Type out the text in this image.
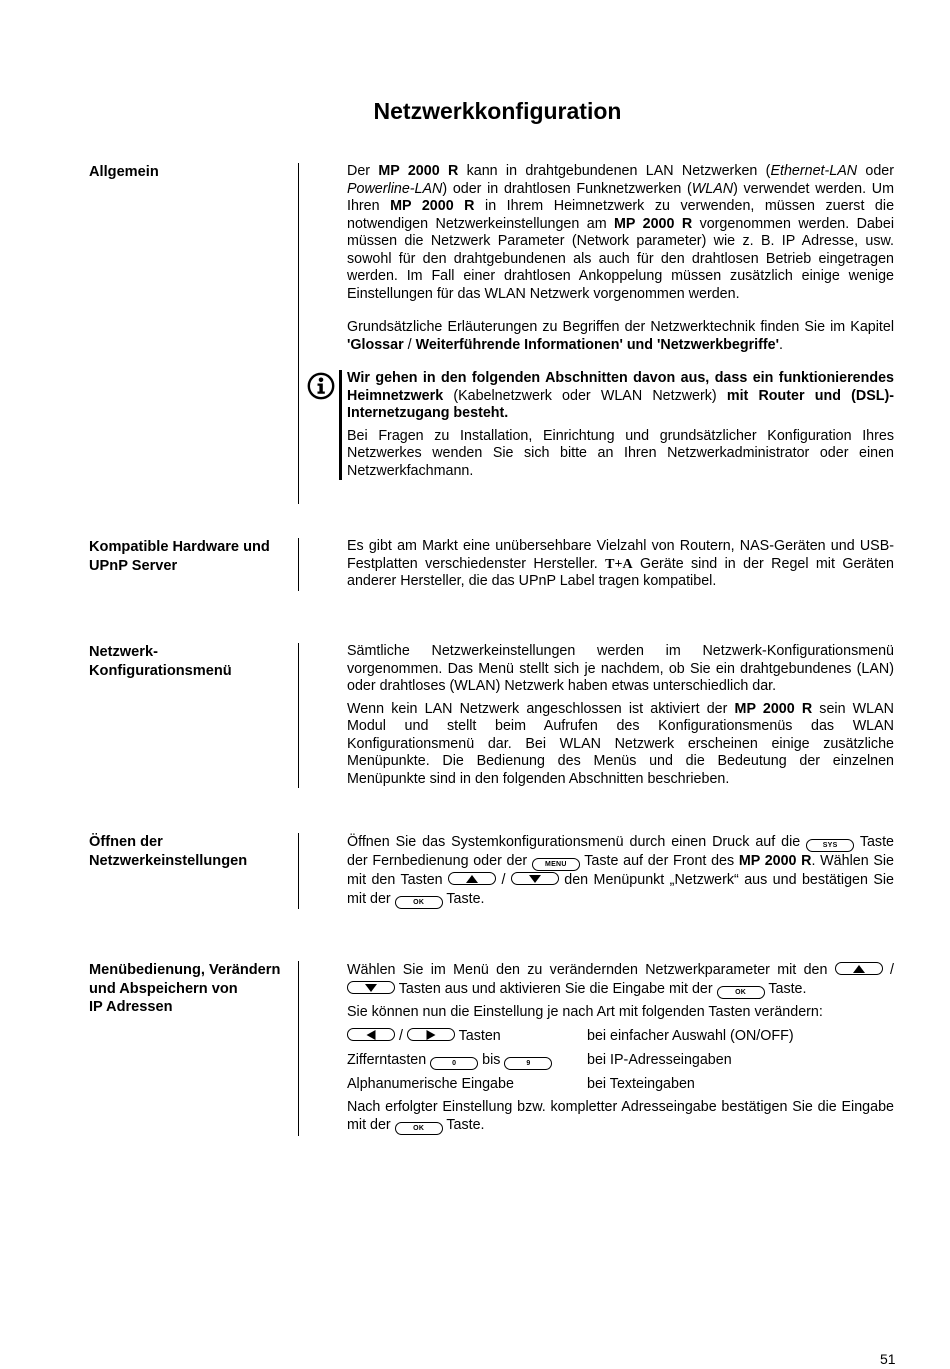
Netzwerkkonfiguration
Allgemein	Der MP 2000 R kann in drahtgebundenen LAN Netzwerken (Ethernet-LAN oder Powerline-LAN) oder in drahtlosen Funknetzwerken (WLAN) verwendet werden. Um Ihren MP 2000 R in Ihrem Heimnetzwerk zu verwenden, müssen zuerst die notwendigen Netzwerkeinstellungen am MP 2000 R vorgenommen werden. Dabei müssen die Netzwerk Parameter (Network parameter) wie z. B. IP Adresse, usw. sowohl für den drahtgebundenen als auch für den drahtlosen Betrieb eingetragen werden. Im Fall einer drahtlosen Ankoppelung müssen zusätzlich einige wenige Einstellungen für das WLAN Netzwerk vorgenommen werden.

Grundsätzliche Erläuterungen zu Begriffen der Netzwerktechnik finden Sie im Kapitel 'Glossar / Weiterführende Informationen' und 'Netzwerkbegriffe'.

Wir gehen in den folgenden Abschnitten davon aus, dass ein funktionierendes Heimnetzwerk (Kabelnetzwerk oder WLAN Netzwerk) mit Router und (DSL)-Internetzugang besteht.

Bei Fragen zu Installation, Einrichtung und grundsätzlicher Konfiguration Ihres Netzwerkes wenden Sie sich bitte an Ihren Netzwerkadministrator oder einen Netzwerkfachmann.

Kompatible Hardware und
UPnP Server

Es gibt am Markt eine unübersehbare Vielzahl von Routern, NAS-Geräten und USB-Festplatten verschiedenster Hersteller. T+A Geräte sind in der Regel mit Geräten anderer Hersteller, die das UPnP Label tragen kompatibel.

Netzwerk-
Konfigurationsmenü

Sämtliche Netzwerkeinstellungen werden im Netzwerk-Konfigurationsmenü vorgenommen. Das Menü stellt sich je nachdem, ob Sie ein drahtgebundenes (LAN) oder drahtloses (WLAN) Netzwerk haben etwas unterschiedlich dar.

Wenn kein LAN Netzwerk angeschlossen ist aktiviert der MP 2000 R sein WLAN Modul und stellt beim Aufrufen des Konfigurationsmenüs das WLAN Konfigurationsmenü dar. Bei WLAN Netzwerk erscheinen einige zusätzliche Menüpunkte. Die Bedienung des Menüs und die Bedeutung der einzelnen Menüpunkte sind in den folgenden Abschnitten beschrieben.

Öffnen der
Netzwerkeinstellungen

Öffnen Sie das Systemkonfigurationsmenü durch einen Druck auf die SYS Taste der Fernbedienung oder der MENU Taste auf der Front des MP 2000 R. Wählen Sie mit den Tasten	/	den Menüpunkt „Netzwerk“ aus und bestätigen Sie mit der	OK Taste.

Menübedienung, Verändern
und Abspeichern von
IP Adressen

Wählen Sie im Menü den zu verändernden Netzwerkparameter mit den	/
Tasten aus und aktivieren Sie die Eingabe mit der	OK Taste.

Sie können nun die Einstellung je nach Art mit folgenden Tasten verändern:

/	Tasten	bei einfacher Auswahl (ON/OFF)
Zifferntasten	0 bis	9	bei IP-Adresseingaben
Alphanumerische Eingabe	bei Texteingaben

Nach erfolgter Einstellung bzw. kompletter Adresseingabe bestätigen Sie die Eingabe mit der	OK Taste.

51
